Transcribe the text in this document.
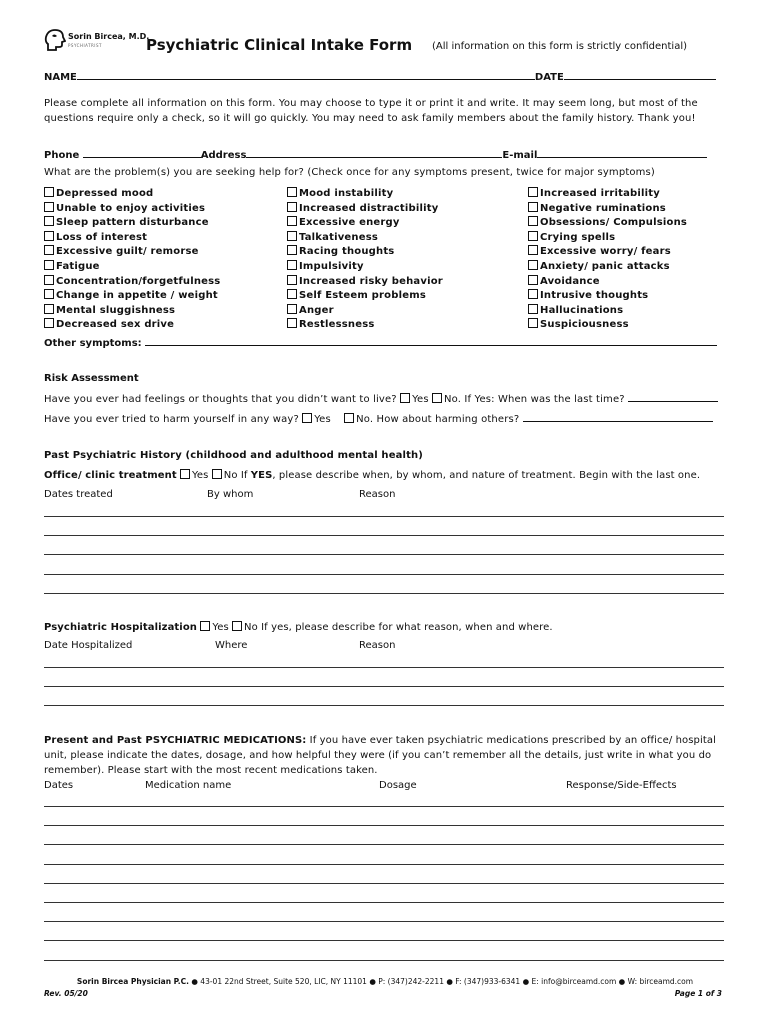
Sorin Bircea, M.D.
PSYCHIATRIST	Psychiatric Clinical Intake Form (All information on this form is strictly confidential)
NAME	DATE
Please complete all information on this form. You may choose to type it or print it and write. It may seem long, but most of the questions require only a check, so it will go quickly. You may need to ask family members about the family history. Thank you!
Phone	Address	E-mail
What are the problem(s) you are seeking help for? (Check once for any symptoms present, twice for major symptoms)
Depressed mood
Unable to enjoy activities
Sleep pattern disturbance
Loss of interest
Excessive guilt/ remorse
Fatigue
Concentration/forgetfulness
Change in appetite / weight
Mental sluggishness
Decreased sex drive
Mood instability
Increased distractibility
Excessive energy
Talkativeness
Racing thoughts
Impulsivity
Increased risky behavior
Self Esteem problems
Anger
Restlessness
Increased irritability
Negative ruminations
Obsessions/ Compulsions
Crying spells
Excessive worry/ fears
Anxiety/ panic attacks
Avoidance
Intrusive thoughts
Hallucinations
Suspiciousness
Other symptoms:
Risk Assessment
Have you ever had feelings or thoughts that you didn’t want to live? Yes No. If Yes: When was the last time?
Have you ever tried to harm yourself in any way? Yes	No. How about harming others?
Past Psychiatric History (childhood and adulthood mental health)
Office/ clinic treatment Yes No If YES, please describe when, by whom, and nature of treatment. Begin with the last one.
Dates treated	By whom	Reason
Psychiatric Hospitalization Yes No If yes, please describe for what reason, when and where.
Date Hospitalized	Where	Reason
Present and Past PSYCHIATRIC MEDICATIONS: If you have ever taken psychiatric medications prescribed by an office/ hospital unit, please indicate the dates, dosage, and how helpful they were (if you can’t remember all the details, just write in what you do remember). Please start with the most recent medications taken.
Dates	Medication name	Dosage	Response/Side-Effects
Sorin Bircea Physician P.C. ● 43-01 22nd Street, Suite 520, LIC, NY 11101 ● P: (347)242-2211 ● F: (347)933-6341 ● E: info@birceamd.com ● W: birceamd.com
Rev. 05/20	Page 1 of 3
